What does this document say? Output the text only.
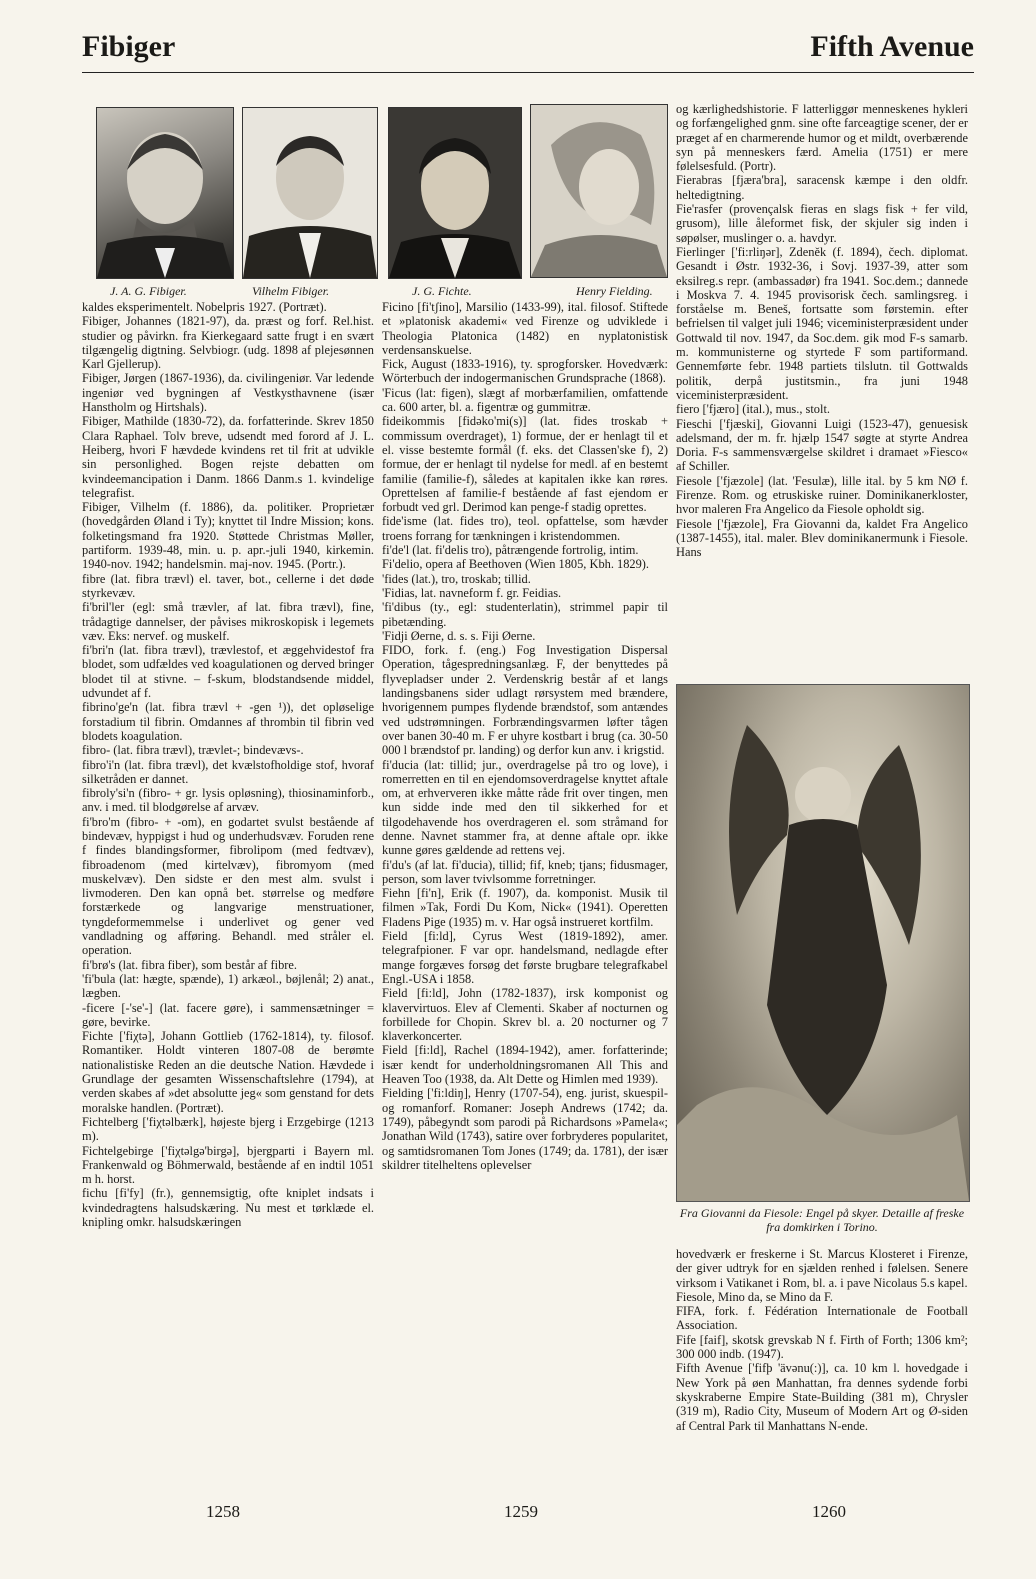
Fibiger	Fifth Avenue
J. A. G. Fibiger.	Vilhelm Fibiger.	J. G. Fichte.	Henry Fielding.

kaldes eksperimentelt. Nobelpris 1927. (Portræt).

Fibiger, Johannes (1821-97), da. præst og forf. Rel.hist. studier og påvirkn. fra Kierkegaard satte frugt i en svært tilgængelig digtning. Selvbiogr. (udg. 1898 af plejesønnen Karl Gjellerup).

Fibiger, Jørgen (1867-1936), da. civilingeniør. Var ledende ingeniør ved bygningen af Vestkysthavnene (især Hanstholm og Hirtshals).

Fibiger, Mathilde (1830-72), da. forfatterinde. Skrev 1850 Clara Raphael. Tolv breve, udsendt med forord af J. L. Heiberg, hvori F hævdede kvindens ret til frit at udvikle sin personlighed. Bogen rejste debatten om kvindeemancipation i Danm. 1866 Danm.s 1. kvindelige telegrafist.

Fibiger, Vilhelm (f. 1886), da. politiker. Proprietær (hovedgården Øland i Ty); knyttet til Indre Mission; kons. folketingsmand fra 1920. Støttede Christmas Møller, partiform. 1939-48, min. u. p. apr.-juli 1940, kirkemin. 1940-nov. 1942; handelsmin. maj-nov. 1945. (Portr.).

fibre (lat. fibra trævl) el. taver, bot., cellerne i det døde styrkevæv.

fi'bril'ler (egl: små trævler, af lat. fibra trævl), fine, trådagtige dannelser, der påvises mikroskopisk i legemets væv. Eks: nervef. og muskelf.

fi'bri'n (lat. fibra trævl), trævlestof, et æggehvidestof fra blodet, som udfældes ved koagulationen og derved bringer blodet til at stivne. – f-skum, blodstandsende middel, udvundet af f.

fibrino'ge'n (lat. fibra trævl + -gen ¹)), det opløselige forstadium til fibrin. Omdannes af thrombin til fibrin ved blodets koagulation.

fibro- (lat. fibra trævl), trævlet-; bindevævs-.

fibro'i'n (lat. fibra trævl), det kvælstofholdige stof, hvoraf silketråden er dannet.

fibroly'si'n (fibro- + gr. lysis opløsning), thiosinaminforb., anv. i med. til blodgørelse af arvæv.

fi'bro'm (fibro- + -om), en godartet svulst bestående af bindevæv, hyppigst i hud og underhudsvæv. Foruden rene f findes blandingsformer, fibrolipom (med fedtvæv), fibroadenom (med kirtelvæv), fibromyom (med muskelvæv). Den sidste er den mest alm. svulst i livmoderen. Den kan opnå bet. størrelse og medføre forstærkede og langvarige menstruationer, tyngdeformemmelse i underlivet og gener ved vandladning og afføring. Behandl. med stråler el. operation.

fi'brø's (lat. fibra fiber), som består af fibre.

'fi'bula (lat: hægte, spænde), 1) arkæol., bøjlenål; 2) anat., lægben.

-ficere [-'se'-] (lat. facere gøre), i sammensætninger = gøre, bevirke.

Fichte ['fiχtə], Johann Gottlieb (1762-1814), ty. filosof. Romantiker. Holdt vinteren 1807-08 de berømte nationalistiske Reden an die deutsche Nation. Hævdede i Grundlage der gesamten Wissenschaftslehre (1794), at verden skabes af »det absolutte jeg« som genstand for dets moralske handlen. (Portræt).

Fichtelberg ['fiχtəlbærk], højeste bjerg i Erzgebirge (1213 m).

Fichtelgebirge ['fiχtəlgə'birgə], bjergparti i Bayern ml. Frankenwald og Böhmerwald, bestående af en indtil 1051 m h. horst.

fichu [fi'fy] (fr.), gennemsigtig, ofte kniplet indsats i kvindedragtens halsudskæring. Nu mest et tørklæde el. knipling omkr. halsudskæringen

Ficino [fi'tʃino], Marsilio (1433-99), ital. filosof. Stiftede et »platonisk akademi« ved Firenze og udviklede i Theologia Platonica (1482) en nyplatonistisk verdensanskuelse.

Fick, August (1833-1916), ty. sprogforsker. Hovedværk: Wörterbuch der indogermanischen Grundsprache (1868).

'Ficus (lat: figen), slægt af morbærfamilien, omfattende ca. 600 arter, bl. a. figentræ og gummitræ.

fideikommis [fidəko'mi(s)] (lat. fides troskab + commissum overdraget), 1) formue, der er henlagt til et el. visse bestemte formål (f. eks. det Classen'ske f), 2) formue, der er henlagt til nydelse for medl. af en bestemt familie (familie-f), således at kapitalen ikke kan røres. Oprettelsen af familie-f bestående af fast ejendom er forbudt ved grl. Derimod kan penge-f stadig oprettes.

fide'isme (lat. fides tro), teol. opfattelse, som hævder troens forrang for tænkningen i kristendommen.

fi'de'l (lat. fi'delis tro), påtrængende fortrolig, intim.

Fi'delio, opera af Beethoven (Wien 1805, Kbh. 1829).

'fides (lat.), tro, troskab; tillid.

'Fidias, lat. navneform f. gr. Feidias.

'fi'dibus (ty., egl: studenterlatin), strimmel papir til pibetænding.

'Fidji Øerne, d. s. s. Fiji Øerne.

FIDO, fork. f. (eng.) Fog Investigation Dispersal Operation, tågespredningsanlæg. F, der benyttedes på flyvepladser under 2. Verdenskrig består af et langs landingsbanens sider udlagt rørsystem med brændere, hvorigennem pumpes flydende brændstof, som antændes ved udstrømningen. Forbrændingsvarmen løfter tågen over banen 30-40 m. F er uhyre kostbart i brug (ca. 30-50 000 l brændstof pr. landing) og derfor kun anv. i krigstid.

fi'ducia (lat: tillid; jur., overdragelse på tro og love), i romerretten en til en ejendomsoverdragelse knyttet aftale om, at erhververen ikke måtte råde frit over tingen, men kun sidde inde med den til sikkerhed for et tilgodehavende hos overdrageren el. som stråmand for denne. Navnet stammer fra, at denne aftale opr. ikke kunne gøres gældende ad rettens vej.

fi'du's (af lat. fi'ducia), tillid; fif, kneb; tjans; fidusmager, person, som laver tvivlsomme forretninger.

Fiehn [fi'n], Erik (f. 1907), da. komponist. Musik til filmen »Tak, Fordi Du Kom, Nick« (1941). Operetten Fladens Pige (1935) m. v. Har også instrueret kortfilm.

Field [fi:ld], Cyrus West (1819-1892), amer. telegrafpioner. F var opr. handelsmand, nedlagde efter mange forgæves forsøg det første brugbare telegrafkabel Engl.-USA i 1858.

Field [fi:ld], John (1782-1837), irsk komponist og klavervirtuos. Elev af Clementi. Skaber af nocturnen og forbillede for Chopin. Skrev bl. a. 20 nocturner og 7 klaverkoncerter.

Field [fi:ld], Rachel (1894-1942), amer. forfatterinde; især kendt for underholdningsromanen All This and Heaven Too (1938, da. Alt Dette og Himlen med 1939).

Fielding ['fi:ldiŋ], Henry (1707-54), eng. jurist, skuespil- og romanforf. Romaner: Joseph Andrews (1742; da. 1749), påbegyndt som parodi på Richardsons »Pamela«; Jonathan Wild (1743), satire over forbryderes popularitet, og samtidsromanen Tom Jones (1749; da. 1781), der især skildrer titelheltens oplevelser

og kærlighedshistorie. F latterliggør menneskenes hykleri og forfængelighed gnm. sine ofte farceagtige scener, der er præget af en charmerende humor og et mildt, overbærende syn på menneskers færd. Amelia (1751) er mere følelsesfuld. (Portr).

Fierabras [fjæra'bra], saracensk kæmpe i den oldfr. heltedigtning.

Fie'rasfer (provençalsk fieras en slags fisk + fer vild, grusom), lille åleformet fisk, der skjuler sig inden i søpølser, muslinger o. a. havdyr.

Fierlinger ['fi:rliŋər], Zdeněk (f. 1894), čech. diplomat. Gesandt i Østr. 1932-36, i Sovj. 1937-39, atter som eksilreg.s repr. (ambassadør) fra 1941. Soc.dem.; dannede i Moskva 7. 4. 1945 provisorisk čech. samlingsreg. i forståelse m. Beneš, fortsatte som førstemin. efter befrielsen til valget juli 1946; viceministerpræsident under Gottwald til nov. 1947, da Soc.dem. gik mod F-s samarb. m. kommunisterne og styrtede F som partiformand. Gennemførte febr. 1948 partiets tilslutn. til Gottwalds politik, derpå justitsmin., fra juni 1948 viceministerpræsident.

fiero ['fjæro] (ital.), mus., stolt.

Fieschi ['fjæski], Giovanni Luigi (1523-47), genuesisk adelsmand, der m. fr. hjælp 1547 søgte at styrte Andrea Doria. F-s sammensværgelse skildret i dramaet »Fiesco« af Schiller.

Fiesole ['fjæzole] (lat. 'Fesulæ), lille ital. by 5 km NØ f. Firenze. Rom. og etruskiske ruiner. Dominikanerkloster, hvor maleren Fra Angelico da Fiesole opholdt sig.

Fiesole ['fjæzole], Fra Giovanni da, kaldet Fra Angelico (1387-1455), ital. maler. Blev dominikanermunk i Fiesole. Hans

Fra Giovanni da Fiesole: Engel på skyer. Detaille af freske fra domkirken i Torino.

hovedværk er freskerne i St. Marcus Klosteret i Firenze, der giver udtryk for en sjælden renhed i følelsen. Senere virksom i Vatikanet i Rom, bl. a. i pave Nicolaus 5.s kapel.

Fiesole, Mino da, se Mino da F.

FIFA, fork. f. Fédération Internationale de Football Association.

Fife [faif], skotsk grevskab N f. Firth of Forth; 1306 km²; 300 000 indb. (1947).

Fifth Avenue ['fifþ 'ävənu(:)], ca. 10 km l. hovedgade i New York på øen Manhattan, fra dennes sydende forbi skyskraberne Empire State-Building (381 m), Chrysler (319 m), Radio City, Museum of Modern Art og Ø-siden af Central Park til Manhattans N-ende.

1258	1259	1260
